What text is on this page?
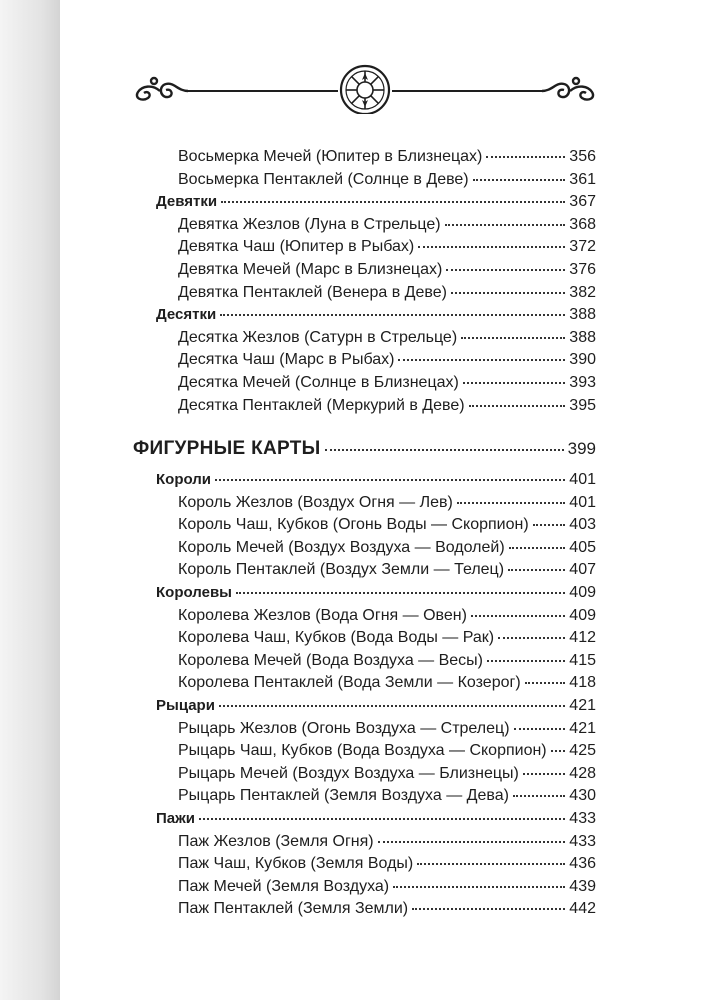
Восьмерка Мечей (Юпитер в Близнецах)	356
Восьмерка Пентаклей (Солнце в Деве)	361
Девятки	367
Девятка Жезлов (Луна в Стрельце)	368
Девятка Чаш (Юпитер в Рыбах)	372
Девятка Мечей (Марс в Близнецах)	376
Девятка Пентаклей (Венера в Деве)	382
Десятки	388
Десятка Жезлов (Сатурн в Стрельце)	388
Десятка Чаш (Марс в Рыбах)	390
Десятка Мечей (Солнце в Близнецах)	393
Десятка Пентаклей (Меркурий в Деве)	395
ФИГУРНЫЕ КАРТЫ	399
Короли	401
Король Жезлов (Воздух Огня — Лев)	401
Король Чаш, Кубков (Огонь Воды — Скорпион)	403
Король Мечей (Воздух Воздуха — Водолей)	405
Король Пентаклей (Воздух Земли — Телец)	407
Королевы	409
Королева Жезлов (Вода Огня — Овен)	409
Королева Чаш, Кубков (Вода Воды — Рак)	412
Королева Мечей (Вода Воздуха — Весы)	415
Королева Пентаклей (Вода Земли — Козерог)	418
Рыцари	421
Рыцарь Жезлов (Огонь Воздуха — Стрелец)	421
Рыцарь Чаш, Кубков (Вода Воздуха — Скорпион) 425
Рыцарь Мечей (Воздух Воздуха — Близнецы)	428
Рыцарь Пентаклей (Земля Воздуха — Дева)	430
Пажи	433
Паж Жезлов (Земля Огня)	433
Паж Чаш, Кубков (Земля Воды)	436
Паж Мечей (Земля Воздуха)	439
Паж Пентаклей (Земля Земли)	442
